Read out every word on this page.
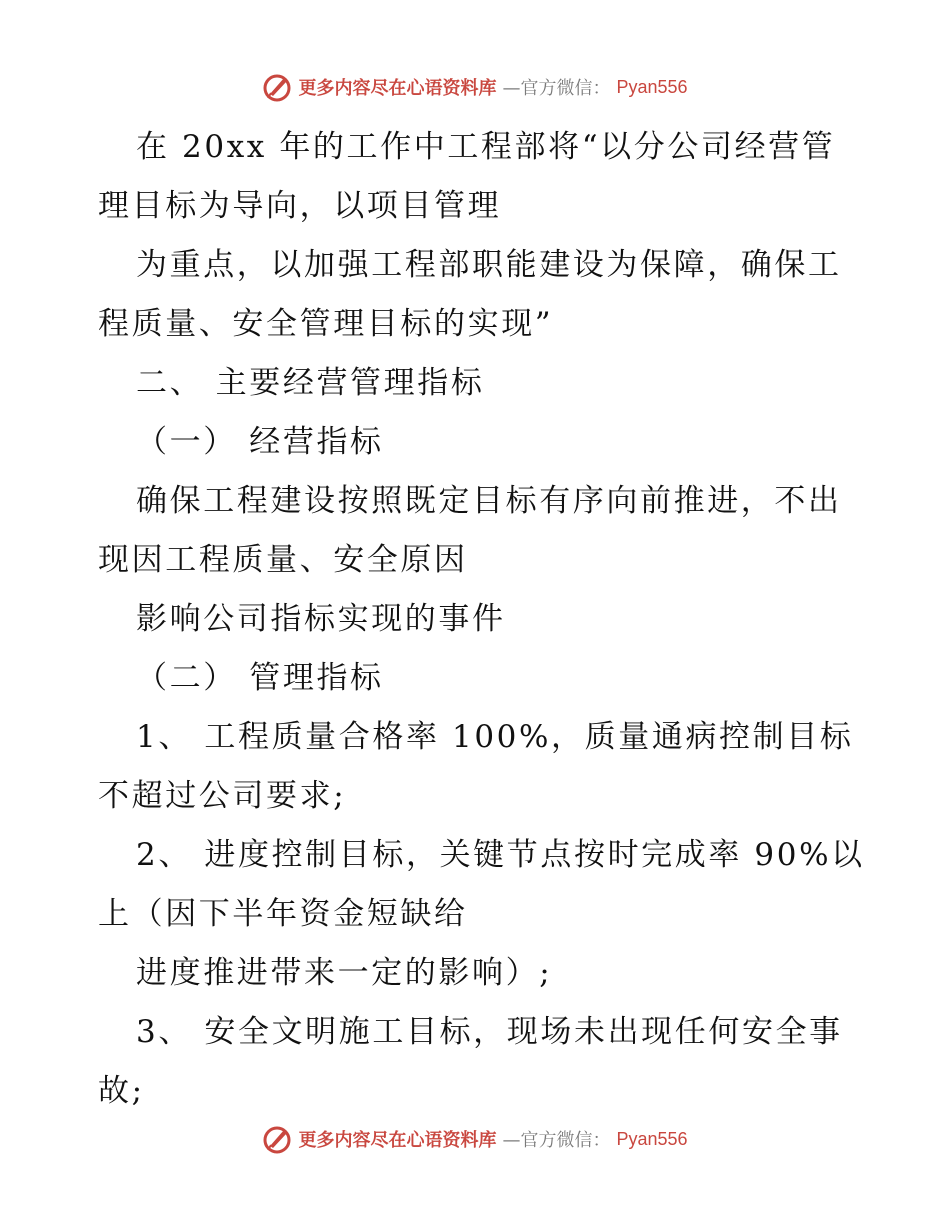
更多内容尽在心语资料库 —官方微信： Pyan556
在 20xx 年的工作中工程部将“以分公司经营管
理目标为导向，以项目管理
为重点，以加强工程部职能建设为保障，确保工
程质量、安全管理目标的实现”
二、 主要经营管理指标
（一） 经营指标
确保工程建设按照既定目标有序向前推进，不出
现因工程质量、安全原因
影响公司指标实现的事件
（二） 管理指标
1、 工程质量合格率 100%，质量通病控制目标
不超过公司要求;
2、 进度控制目标，关键节点按时完成率 90%以
上（因下半年资金短缺给
进度推进带来一定的影响）;
3、 安全文明施工目标，现场未出现任何安全事
故;
更多内容尽在心语资料库 —官方微信： Pyan556
